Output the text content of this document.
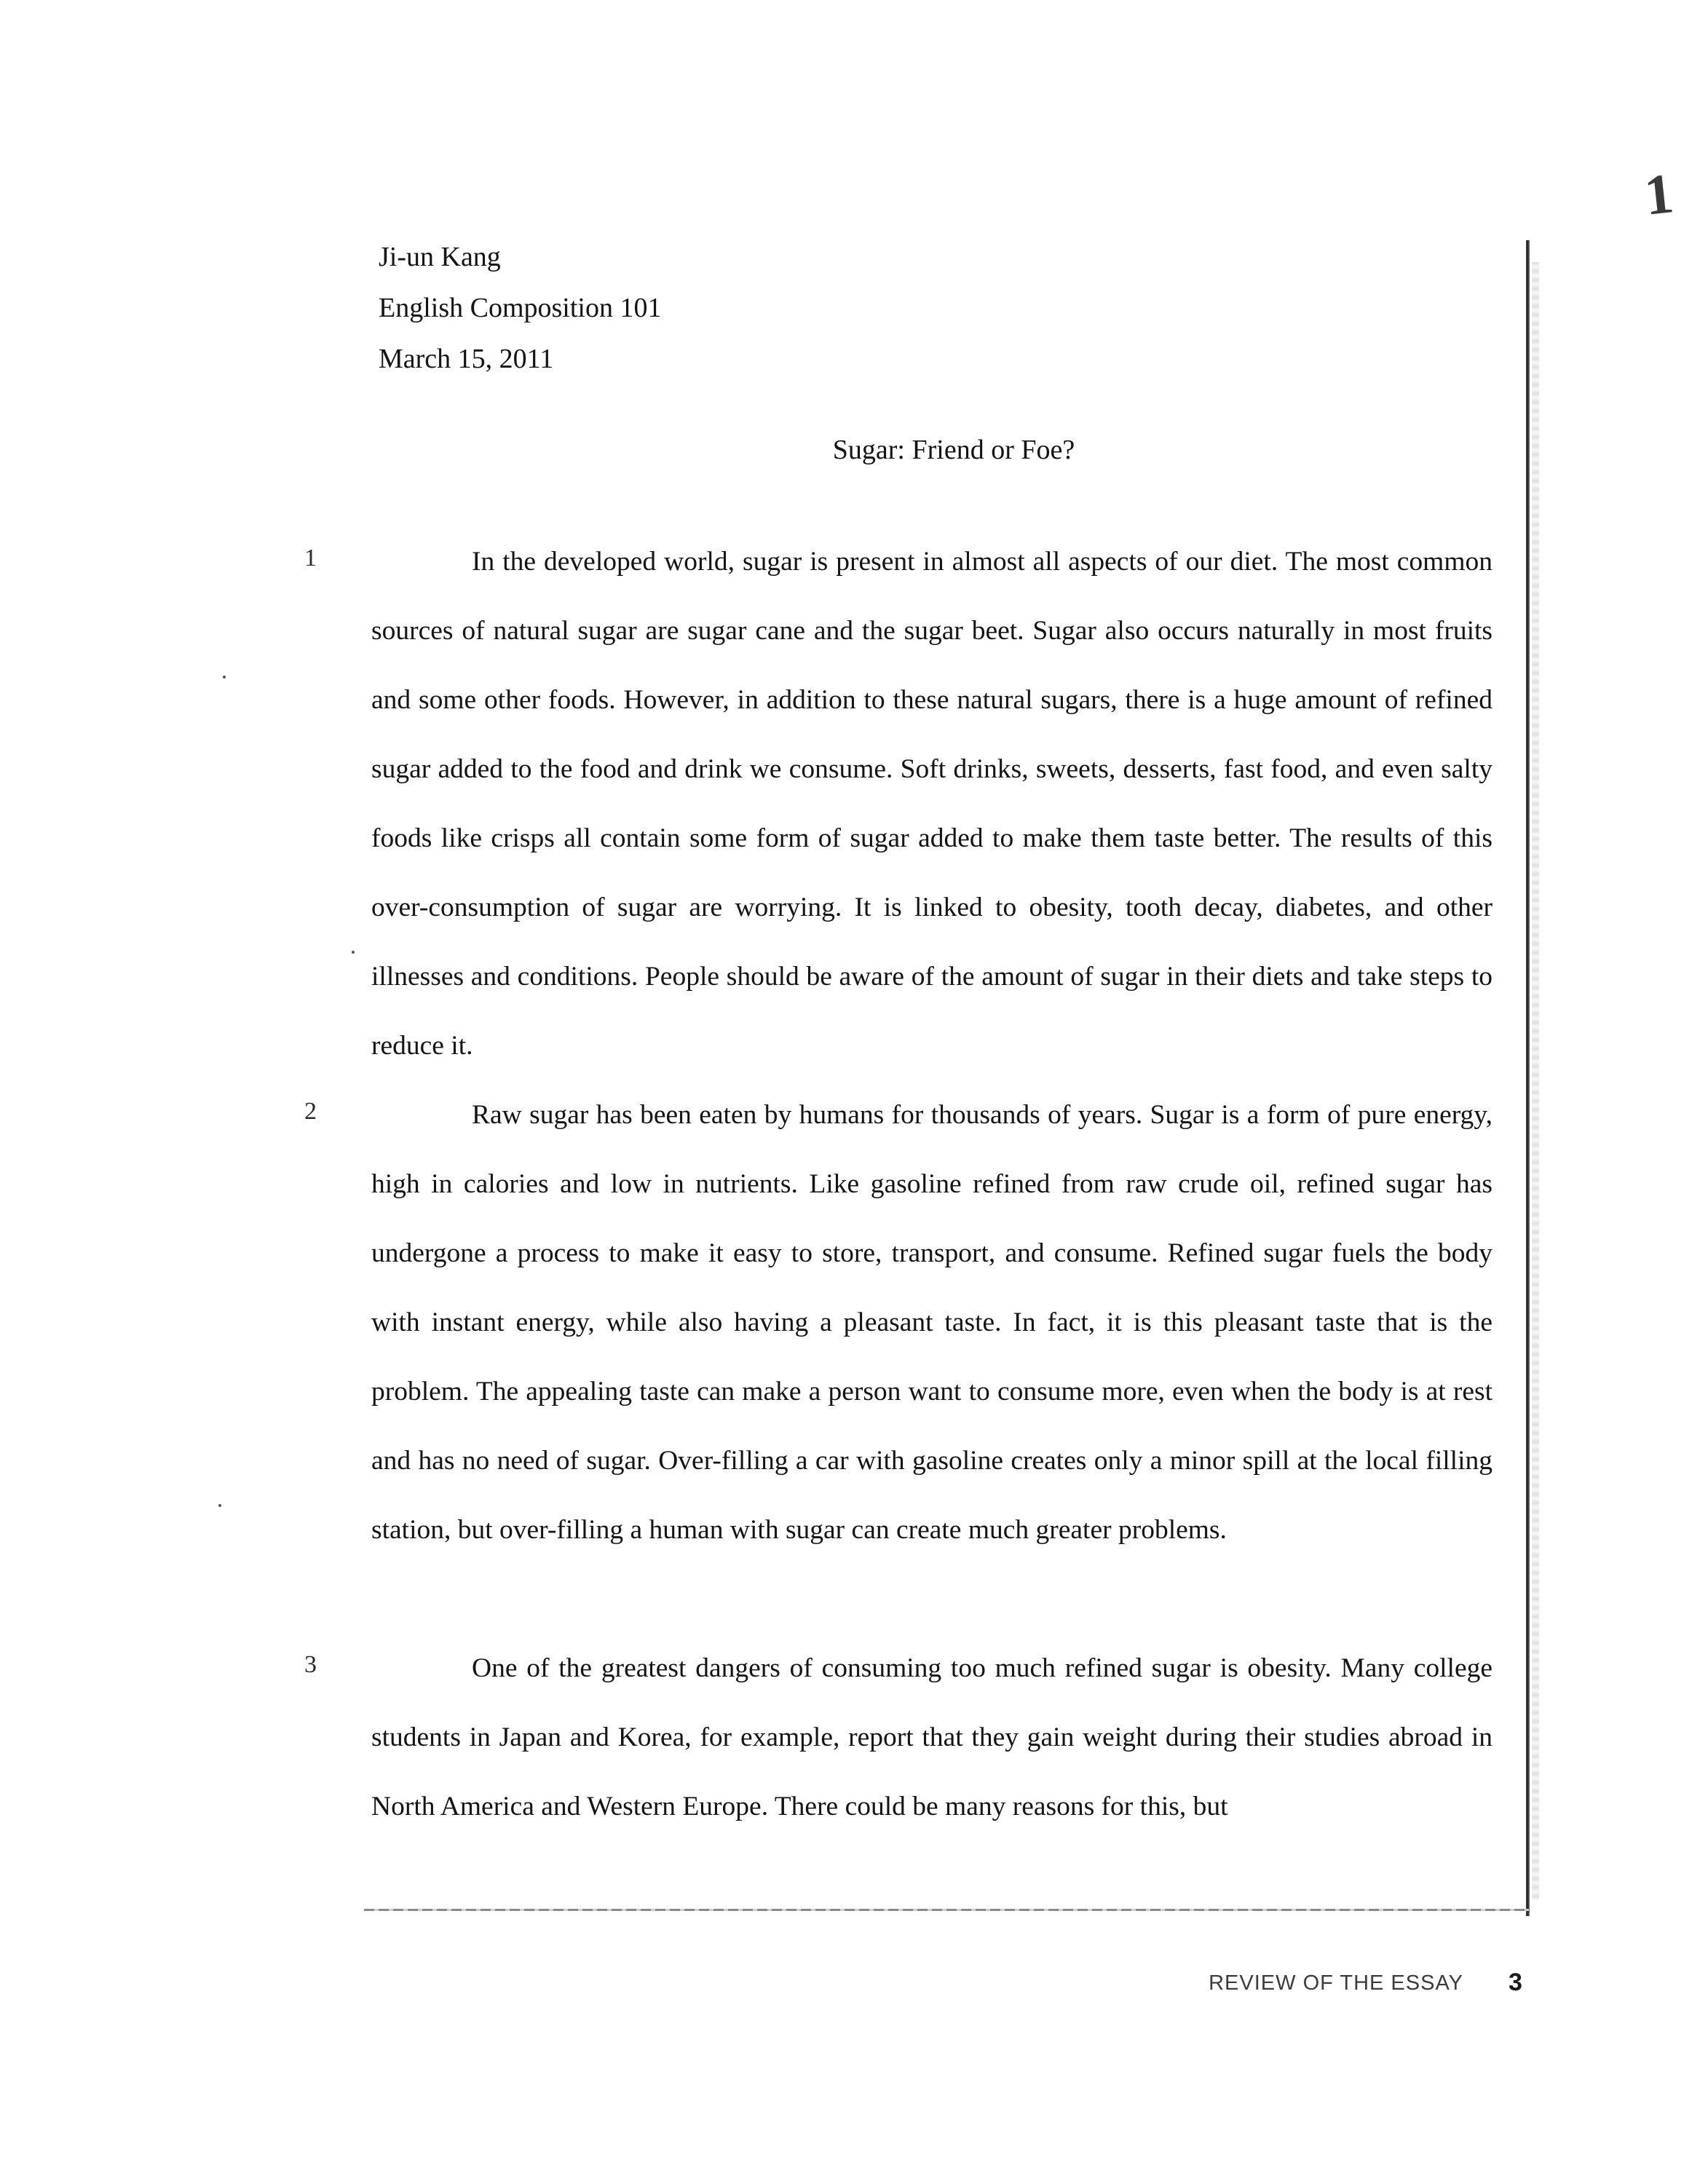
1
Ji-un Kang
English Composition 101
March 15, 2011
Sugar: Friend or Foe?
1	In the developed world, sugar is present in almost all aspects of our diet. The most common sources of natural sugar are sugar cane and the sugar beet. Sugar also occurs naturally in most fruits and some other foods. However, in addition to these natural sugars, there is a huge amount of refined sugar added to the food and drink we consume. Soft drinks, sweets, desserts, fast food, and even salty foods like crisps all contain some form of sugar added to make them taste better. The results of this over-consumption of sugar are worrying. It is linked to obesity, tooth decay, diabetes, and other illnesses and conditions. People should be aware of the amount of sugar in their diets and take steps to reduce it.

2	Raw sugar has been eaten by humans for thousands of years. Sugar is a form of pure energy, high in calories and low in nutrients. Like gasoline refined from raw crude oil, refined sugar has undergone a process to make it easy to store, transport, and consume. Refined sugar fuels the body with instant energy, while also having a pleasant taste. In fact, it is this pleasant taste that is the problem. The appealing taste can make a person want to consume more, even when the body is at rest and has no need of sugar. Over-filling a car with gasoline creates only a minor spill at the local filling station, but over-filling a human with sugar can create much greater problems.

3	One of the greatest dangers of consuming too much refined sugar is obesity. Many college students in Japan and Korea, for example, report that they gain weight during their studies abroad in North America and Western Europe. There could be many reasons for this, but

REVIEW OF THE ESSAY 3
